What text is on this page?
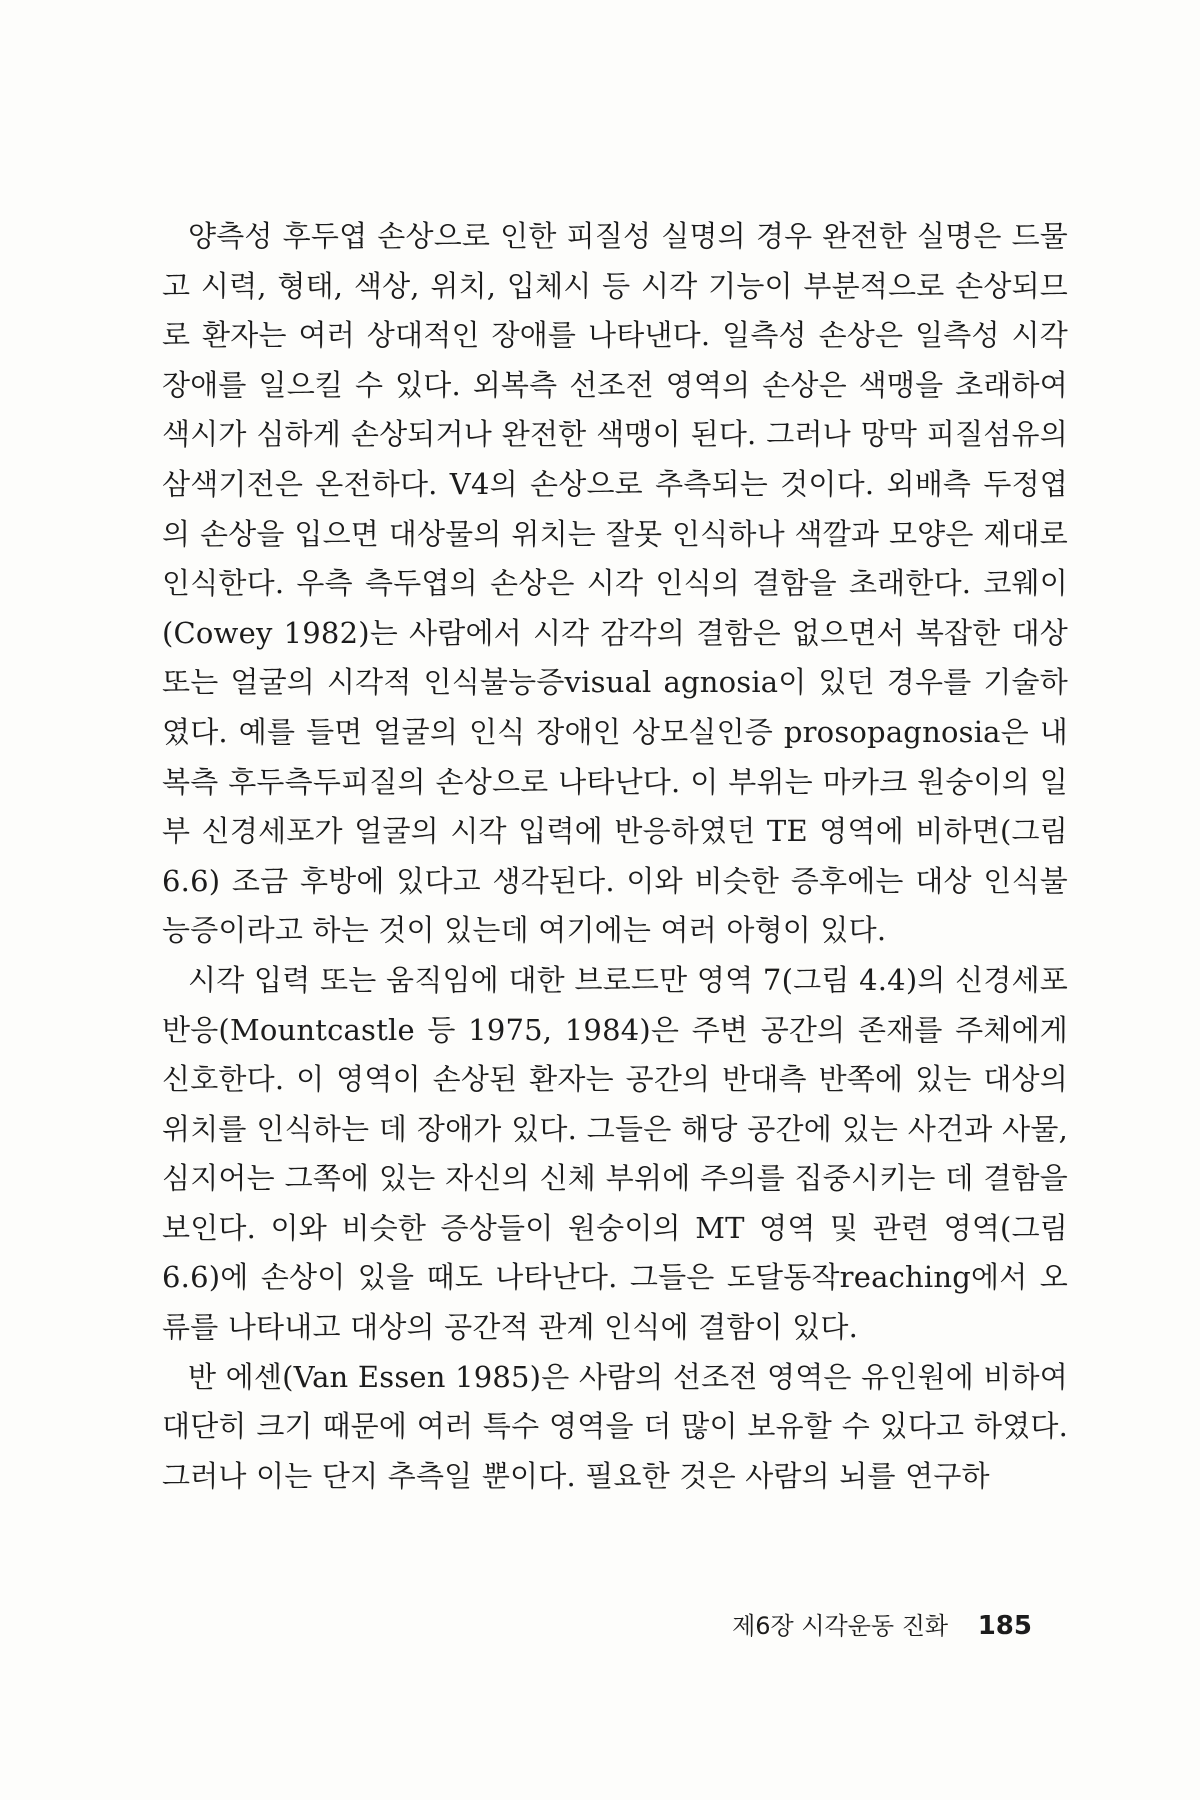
양측성 후두엽 손상으로 인한 피질성 실명의 경우 완전한 실명은 드물고 시력, 형태, 색상, 위치, 입체시 등 시각 기능이 부분적으로 손상되므로 환자는 여러 상대적인 장애를 나타낸다. 일측성 손상은 일측성 시각장애를 일으킬 수 있다. 외복측 선조전 영역의 손상은 색맹을 초래하여 색시가 심하게 손상되거나 완전한 색맹이 된다. 그러나 망막 피질섬유의 삼색기전은 온전하다. V4의 손상으로 추측되는 것이다. 외배측 두정엽의 손상을 입으면 대상물의 위치는 잘못 인식하나 색깔과 모양은 제대로 인식한다. 우측 측두엽의 손상은 시각 인식의 결함을 초래한다. 코웨이(Cowey 1982)는 사람에서 시각 감각의 결함은 없으면서 복잡한 대상 또는 얼굴의 시각적 인식불능증visual agnosia이 있던 경우를 기술하였다. 예를 들면 얼굴의 인식 장애인 상모실인증 prosopagnosia은 내복측 후두측두피질의 손상으로 나타난다. 이 부위는 마카크 원숭이의 일부 신경세포가 얼굴의 시각 입력에 반응하였던 TE 영역에 비하면(그림 6.6) 조금 후방에 있다고 생각된다. 이와 비슷한 증후에는 대상 인식불능증이라고 하는 것이 있는데 여기에는 여러 아형이 있다.

시각 입력 또는 움직임에 대한 브로드만 영역 7(그림 4.4)의 신경세포반응(Mountcastle 등 1975, 1984)은 주변 공간의 존재를 주체에게 신호한다. 이 영역이 손상된 환자는 공간의 반대측 반쪽에 있는 대상의 위치를 인식하는 데 장애가 있다. 그들은 해당 공간에 있는 사건과 사물, 심지어는 그쪽에 있는 자신의 신체 부위에 주의를 집중시키는 데 결함을 보인다. 이와 비슷한 증상들이 원숭이의 MT 영역 및 관련 영역(그림 6.6)에 손상이 있을 때도 나타난다. 그들은 도달동작reaching에서 오류를 나타내고 대상의 공간적 관계 인식에 결함이 있다.

반 에센(Van Essen 1985)은 사람의 선조전 영역은 유인원에 비하여 대단히 크기 때문에 여러 특수 영역을 더 많이 보유할 수 있다고 하였다. 그러나 이는 단지 추측일 뿐이다. 필요한 것은 사람의 뇌를 연구하

제6장 시각운동 진화 185
